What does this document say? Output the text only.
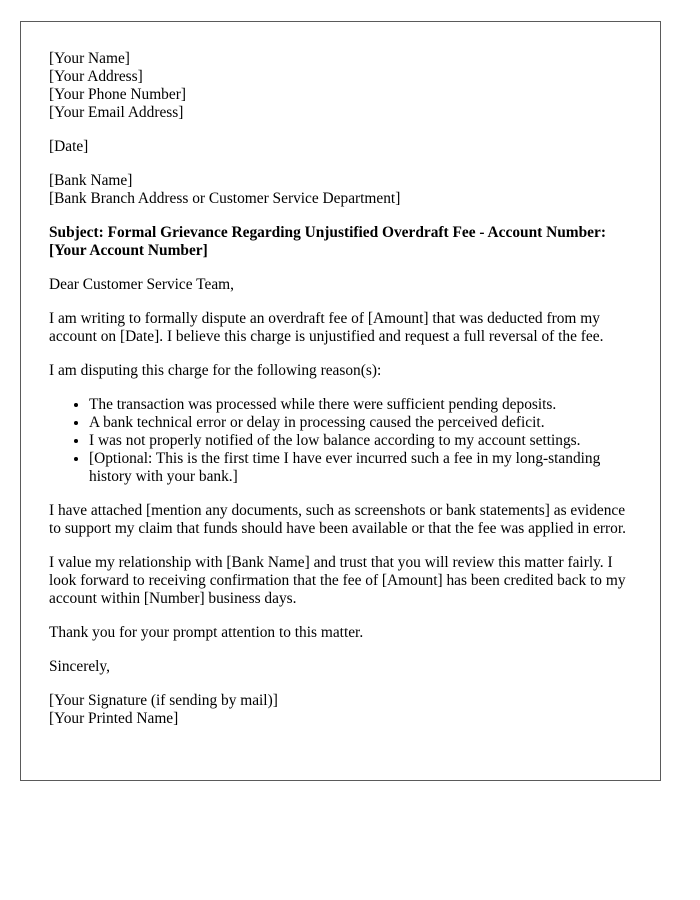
[Your Name]
[Your Address]
[Your Phone Number]
[Your Email Address]
[Date]
[Bank Name]
[Bank Branch Address or Customer Service Department]
Subject: Formal Grievance Regarding Unjustified Overdraft Fee - Account Number: [Your Account Number]

Dear Customer Service Team,

I am writing to formally dispute an overdraft fee of [Amount] that was deducted from my account on [Date]. I believe this charge is unjustified and request a full reversal of the fee.

I am disputing this charge for the following reason(s):

• The transaction was processed while there were sufficient pending deposits.
• A bank technical error or delay in processing caused the perceived deficit.
• I was not properly notified of the low balance according to my account settings.
• [Optional: This is the first time I have ever incurred such a fee in my long-standing history with your bank.]

I have attached [mention any documents, such as screenshots or bank statements] as evidence to support my claim that funds should have been available or that the fee was applied in error.

I value my relationship with [Bank Name] and trust that you will review this matter fairly. I look forward to receiving confirmation that the fee of [Amount] has been credited back to my account within [Number] business days.

Thank you for your prompt attention to this matter.

Sincerely,

[Your Signature (if sending by mail)]
[Your Printed Name]
